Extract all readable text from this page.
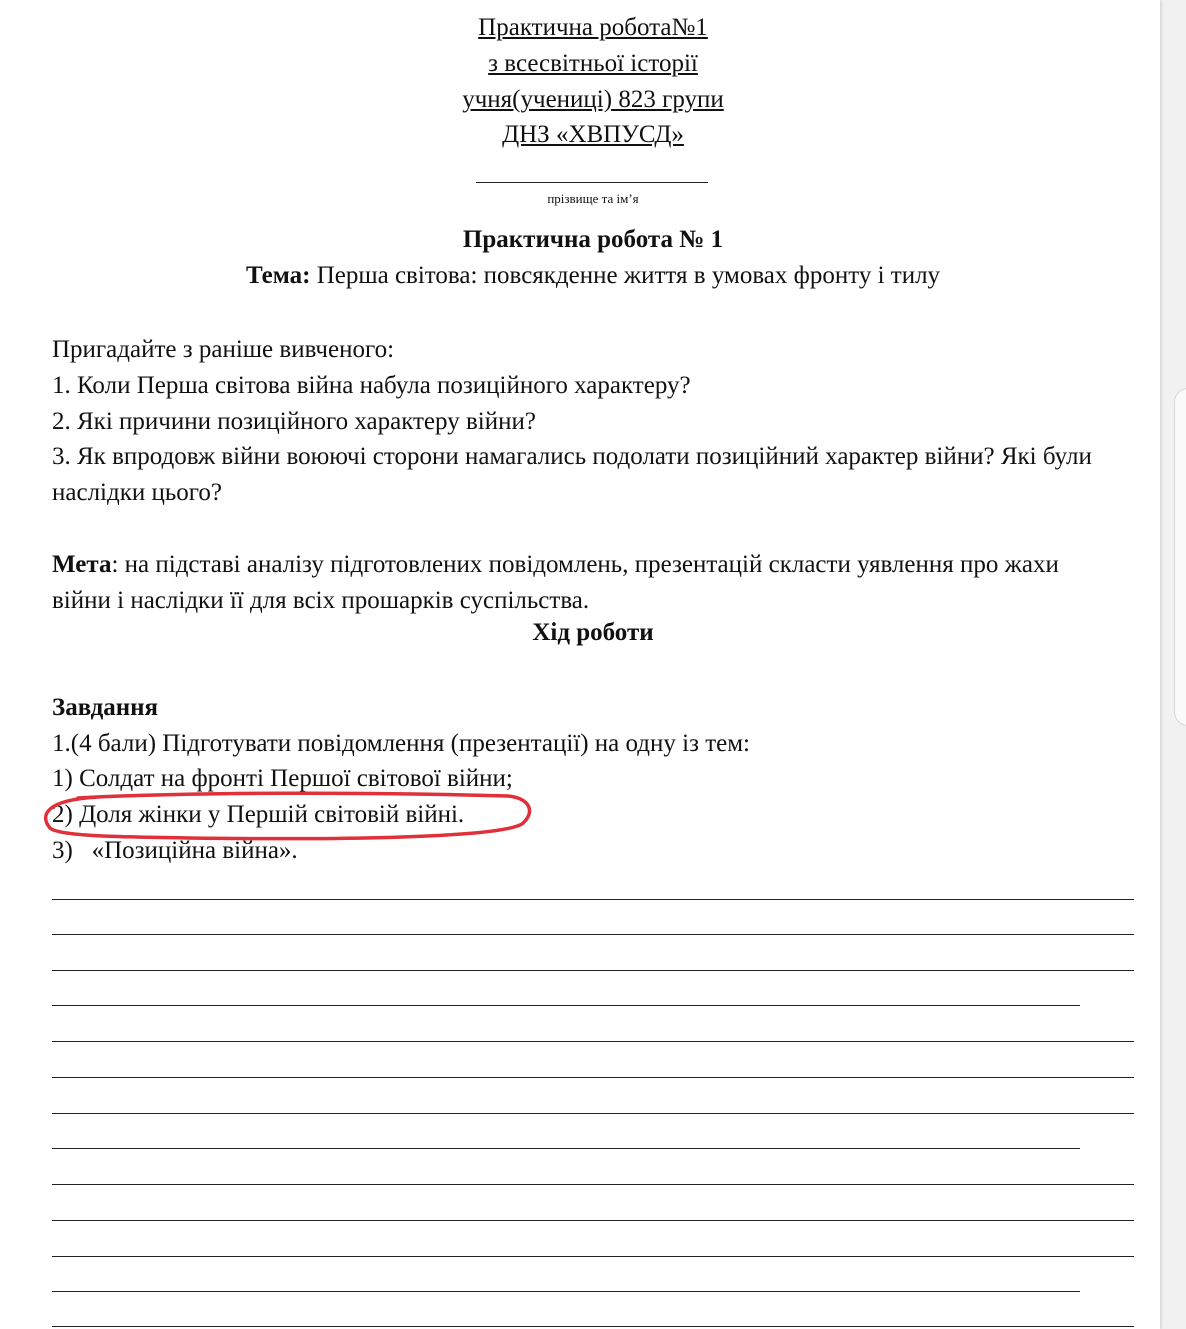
Практична робота№1
з всесвітньої історії
учня(учениці) 823 групи
ДНЗ «ХВПУСД»
прізвище та ім’я
Практична робота № 1
Тема: Перша світова: повсякденне життя в умовах фронту і тилу
Пригадайте з раніше вивченого:
1. Коли Перша світова війна набула позиційного характеру?
2. Які причини позиційного характеру війни?
3. Як впродовж війни воюючі сторони намагались подолати позиційний характер війни? Які були наслідки цього?
Мета: на підставі аналізу підготовлених повідомлень, презентацій скласти уявлення про жахи війни і наслідки її для всіх прошарків суспільства.
Хід роботи
Завдання
1.(4 бали) Підготувати повідомлення (презентації) на одну із тем:
1) Солдат на фронті Першої світової війни;
2) Доля жінки у Першій світовій війні.
3)   «Позиційна війна».
